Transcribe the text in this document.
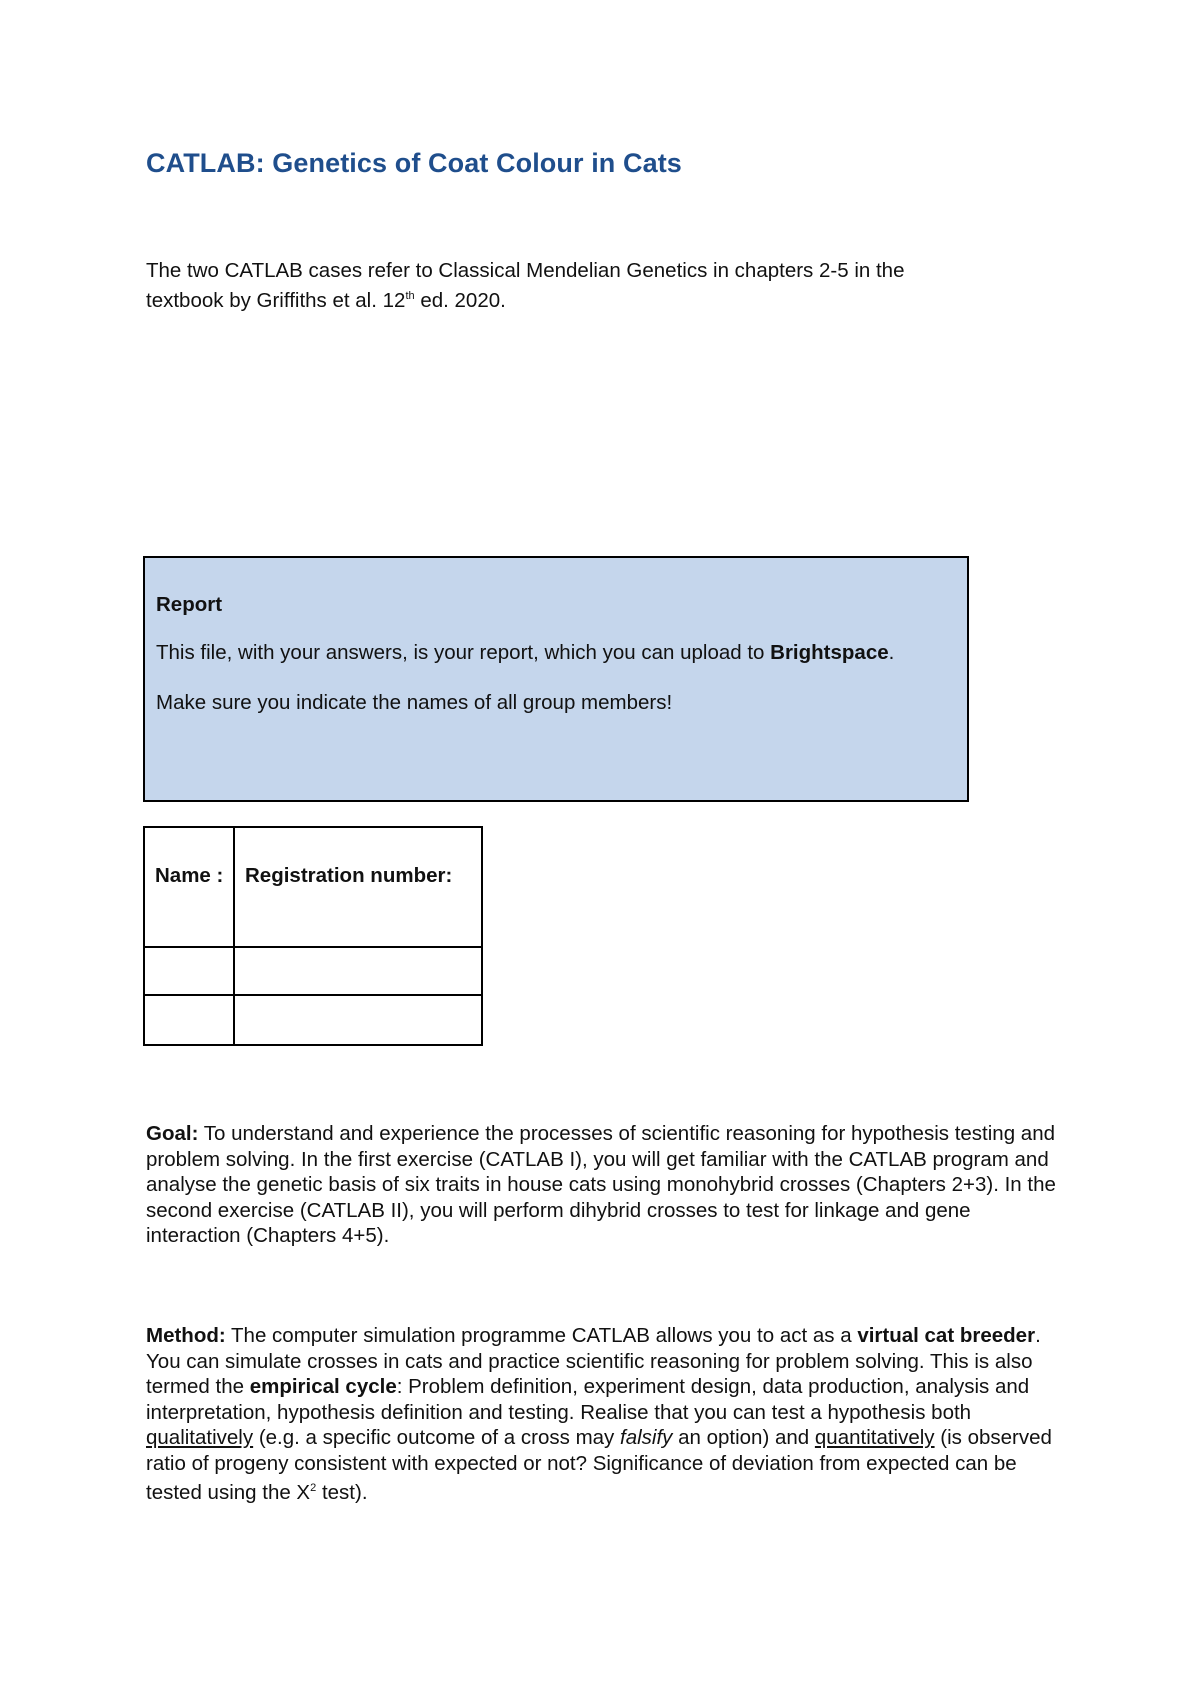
CATLAB: Genetics of Coat Colour in Cats

The two CATLAB cases refer to Classical Mendelian Genetics in chapters 2-5 in the
textbook by Griffiths et al. 12th ed. 2020.

Report

This file, with your answers, is your report, which you can upload to Brightspace.

Make sure you indicate the names of all group members!

Name :	Registration number:

Goal: To understand and experience the processes of scientific reasoning for hypothesis testing and problem solving. In the first exercise (CATLAB I), you will get familiar with the CATLAB program and analyse the genetic basis of six traits in house cats using monohybrid crosses (Chapters 2+3). In the second exercise (CATLAB II), you will perform dihybrid crosses to test for linkage and gene interaction (Chapters 4+5).

Method: The computer simulation programme CATLAB allows you to act as a virtual cat breeder. You can simulate crosses in cats and practice scientific reasoning for problem solving. This is also termed the empirical cycle: Problem definition, experiment design, data production, analysis and interpretation, hypothesis definition and testing. Realise that you can test a hypothesis both qualitatively (e.g. a specific outcome of a cross may falsify an option) and quantitatively (is observed ratio of progeny consistent with expected or not? Significance of deviation from expected can be tested using the $X^2$ test).
